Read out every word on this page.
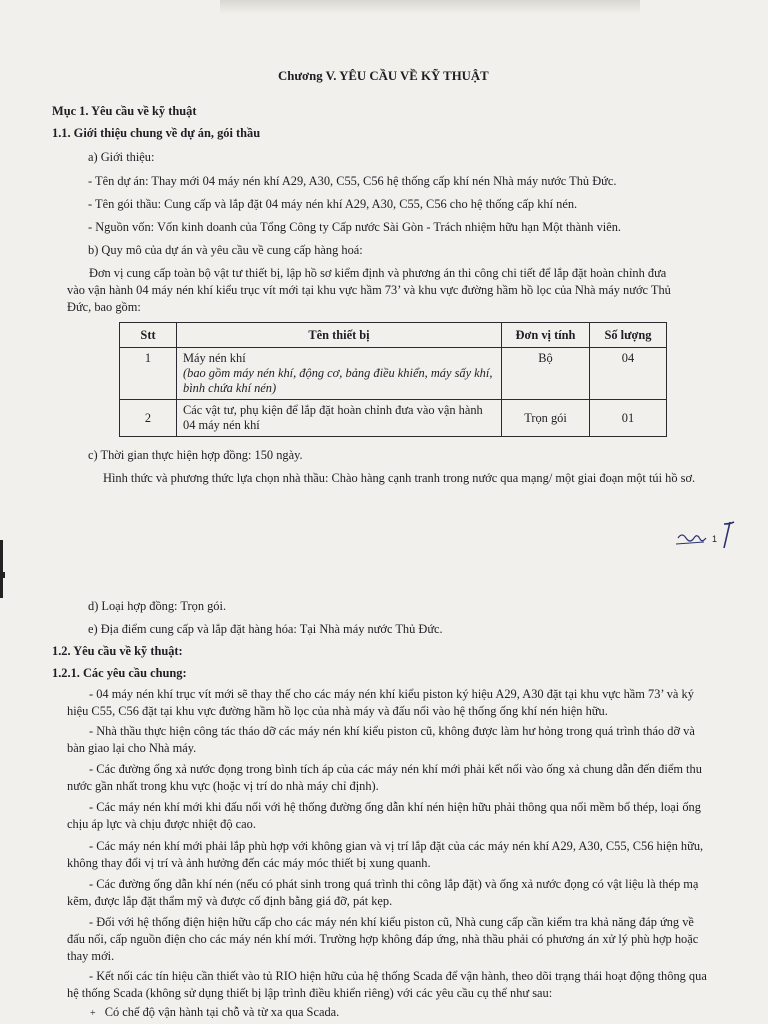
Chương V. YÊU CẦU VỀ KỸ THUẬT
Mục 1. Yêu cầu về kỹ thuật
1.1. Giới thiệu chung về dự án, gói thầu
a) Giới thiệu:
- Tên dự án: Thay mới 04 máy nén khí A29, A30, C55, C56 hệ thống cấp khí nén Nhà máy nước Thủ Đức.
- Tên gói thầu: Cung cấp và lắp đặt 04 máy nén khí A29, A30, C55, C56 cho hệ thống cấp khí nén.
- Nguồn vốn: Vốn kinh doanh của Tổng Công ty Cấp nước Sài Gòn - Trách nhiệm hữu hạn Một thành viên.
b) Quy mô của dự án và yêu cầu về cung cấp hàng hoá:
Đơn vị cung cấp toàn bộ vật tư thiết bị, lập hồ sơ kiểm định và phương án thi công chi tiết để lắp đặt hoàn chỉnh đưa
vào vận hành 04 máy nén khí kiểu trục vít mới tại khu vực hầm 73’ và khu vực đường hầm hồ lọc của Nhà máy nước Thủ
Đức, bao gồm:
Stt	Tên thiết bị	Đơn vị tính	Số lượng
1	Máy nén khí
(bao gồm máy nén khí, động cơ, bảng điều khiển, máy sấy khí, bình chứa khí nén)	Bộ	04
2	Các vật tư, phụ kiện để lắp đặt hoàn chỉnh đưa vào vận hành 04 máy nén khí	Trọn gói	01
c) Thời gian thực hiện hợp đồng: 150 ngày.
Hình thức và phương thức lựa chọn nhà thầu: Chào hàng cạnh tranh trong nước qua mạng/ một giai đoạn một túi hồ sơ.
1
d) Loại hợp đồng: Trọn gói.
e) Địa điểm cung cấp và lắp đặt hàng hóa: Tại Nhà máy nước Thủ Đức.
1.2. Yêu cầu về kỹ thuật:
1.2.1. Các yêu cầu chung:
- 04 máy nén khí trục vít mới sẽ thay thế cho các máy nén khí kiểu piston ký hiệu A29, A30 đặt tại khu vực hầm 73’ và ký
hiệu C55, C56 đặt tại khu vực đường hầm hồ lọc của nhà máy và đấu nối vào hệ thống ống khí nén hiện hữu.
- Nhà thầu thực hiện công tác tháo dỡ các máy nén khí kiểu piston cũ, không được làm hư hỏng trong quá trình tháo dỡ và
bàn giao lại cho Nhà máy.
- Các đường ống xả nước đọng trong bình tích áp của các máy nén khí mới phải kết nối vào ống xả chung dẫn đến điểm thu
nước gần nhất trong khu vực (hoặc vị trí do nhà máy chỉ định).
- Các máy nén khí mới khi đấu nối với hệ thống đường ống dẫn khí nén hiện hữu phải thông qua nối mềm bố thép, loại ống
chịu áp lực và chịu được nhiệt độ cao.
- Các máy nén khí mới phải lắp phù hợp với không gian và vị trí lắp đặt của các máy nén khí A29, A30, C55, C56 hiện hữu,
không thay đổi vị trí và ảnh hưởng đến các máy móc thiết bị xung quanh.
- Các đường ống dẫn khí nén (nếu có phát sinh trong quá trình thi công lắp đặt) và ống xả nước đọng có vật liệu là thép mạ
kẽm, được lắp đặt thẩm mỹ và được cố định bằng giá đỡ, pát kẹp.
- Đối với hệ thống điện hiện hữu cấp cho các máy nén khí kiểu piston cũ, Nhà cung cấp cần kiểm tra khả năng đáp ứng về
đấu nối, cấp nguồn điện cho các máy nén khí mới. Trường hợp không đáp ứng, nhà thầu phải có phương án xử lý phù hợp hoặc
thay mới.
- Kết nối các tín hiệu cần thiết vào tủ RIO hiện hữu của hệ thống Scada để vận hành, theo dõi trạng thái hoạt động thông qua
hệ thống Scada (không sử dụng thiết bị lập trình điều khiển riêng) với các yêu cầu cụ thể như sau:
+ Có chế độ vận hành tại chỗ và từ xa qua Scada.
